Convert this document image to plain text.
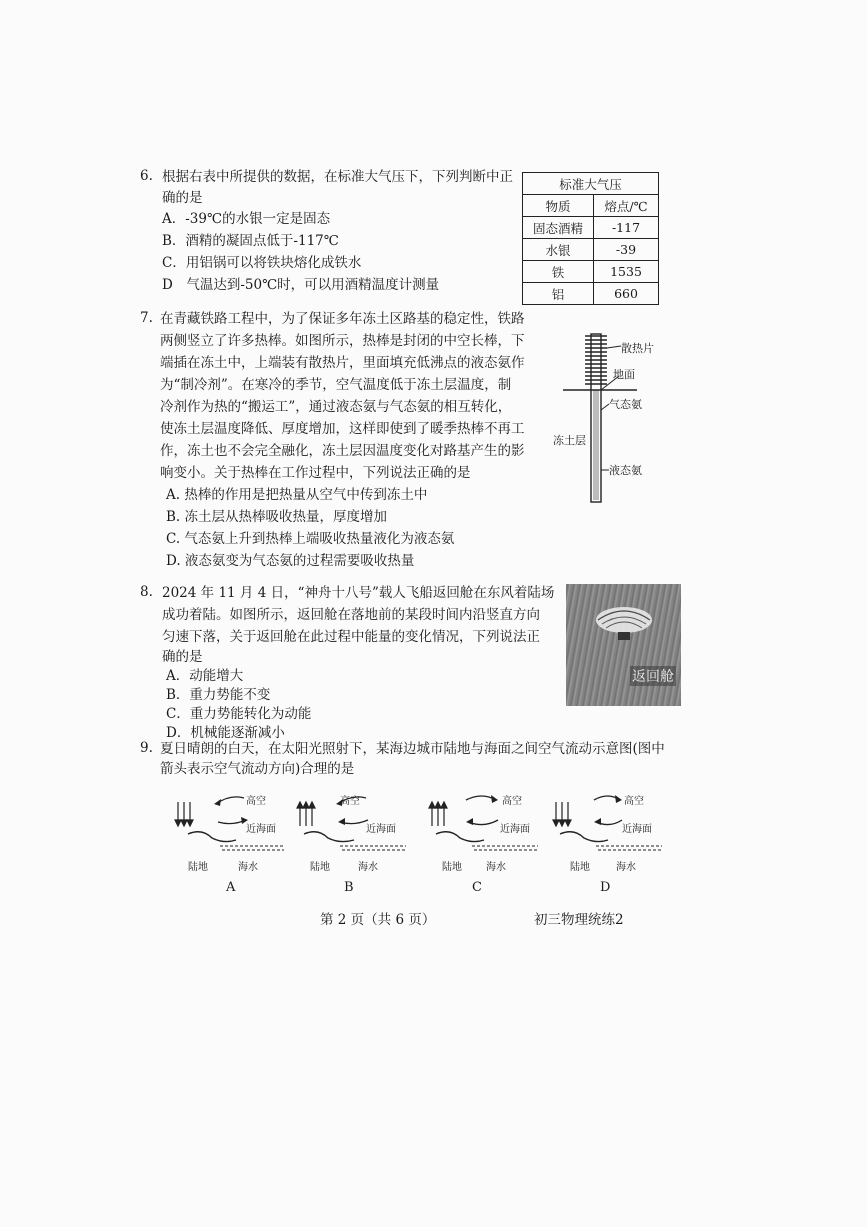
6. 根据右表中所提供的数据，在标准大气压下，下列判断中正
确的是
A．-39℃的水银一定是固态
B．酒精的凝固点低于-117℃
C．用铝锅可以将铁块熔化成铁水
D　气温达到-50℃时，可以用酒精温度计测量
标准大气压	
物质	熔点/℃
固态酒精	-117
水银	-39
铁	1535
铝	660
7. 在青藏铁路工程中，为了保证多年冻土区路基的稳定性，铁路
两侧竖立了许多热棒。如图所示，热棒是封闭的中空长棒，下
端插在冻土中，上端装有散热片，里面填充低沸点的液态氨作
为“制冷剂”。在寒冷的季节，空气温度低于冻土层温度，制
冷剂作为热的“搬运工”，通过液态氨与气态氨的相互转化，
使冻土层温度降低、厚度增加，这样即使到了暖季热棒不再工
作，冻土也不会完全融化，冻土层因温度变化对路基产生的影
响变小。关于热棒在工作过程中，下列说法正确的是
A. 热棒的作用是把热量从空气中传到冻土中
B. 冻土层从热棒吸收热量，厚度增加
C. 气态氨上升到热棒上端吸收热量液化为液态氨
D. 液态氨变为气态氨的过程需要吸收热量
散热片
地面
气态氨
冻土层
液态氨
8. 2024 年 11 月 4 日，“神舟十八号”载人飞船返回舱在东风着陆场
成功着陆。如图所示，返回舱在落地前的某段时间内沿竖直方向
匀速下落，关于返回舱在此过程中能量的变化情况，下列说法正
确的是
A．动能增大
B．重力势能不变
C．重力势能转化为动能
D．机械能逐渐减小
返回舱
9. 夏日晴朗的白天，在太阳光照射下，某海边城市陆地与海面之间空气流动示意图(图中
箭头表示空气流动方向)合理的是
高空
近海面
陆地	海水
A
高空
近海面
陆地	海水
B
高空
近海面
陆地 海水
C
高空
近海面
陆地	海水
D
第 2 页（共 6 页）	初三物理统练2
